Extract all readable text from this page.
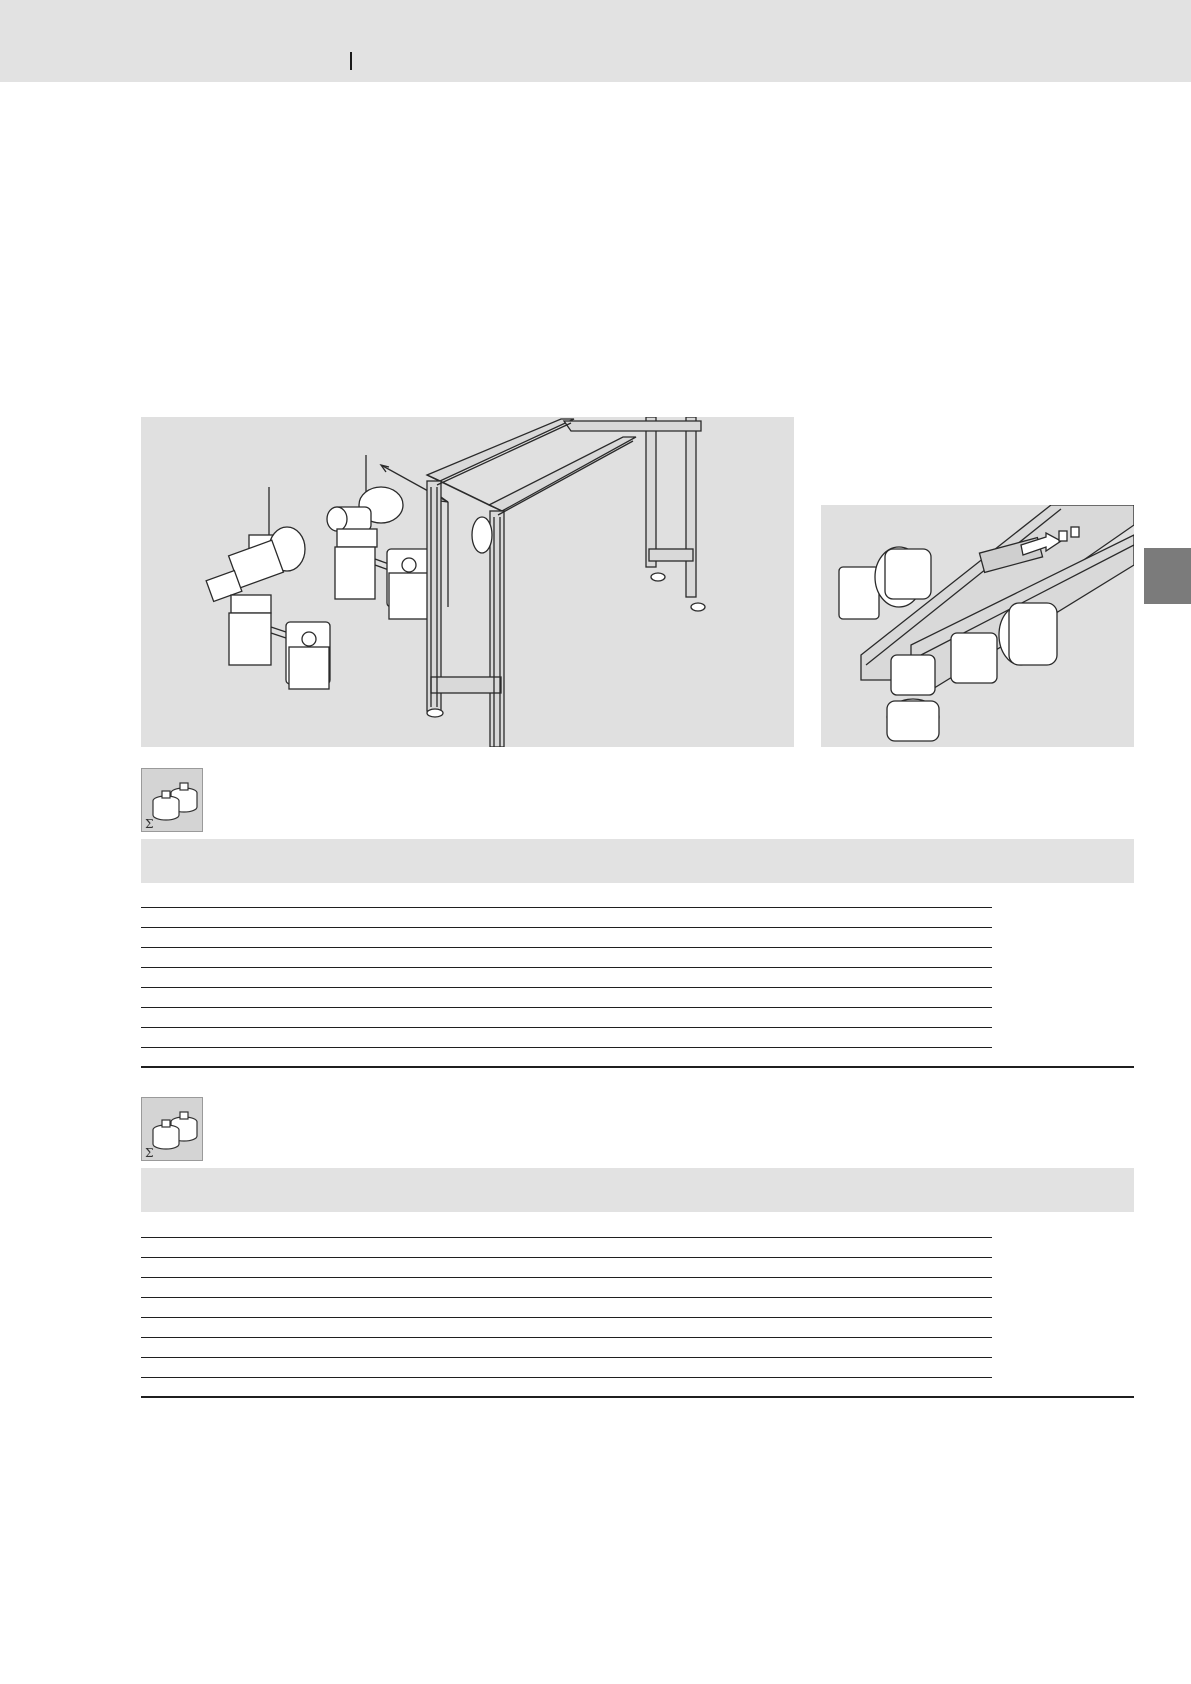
Σ
Σ
